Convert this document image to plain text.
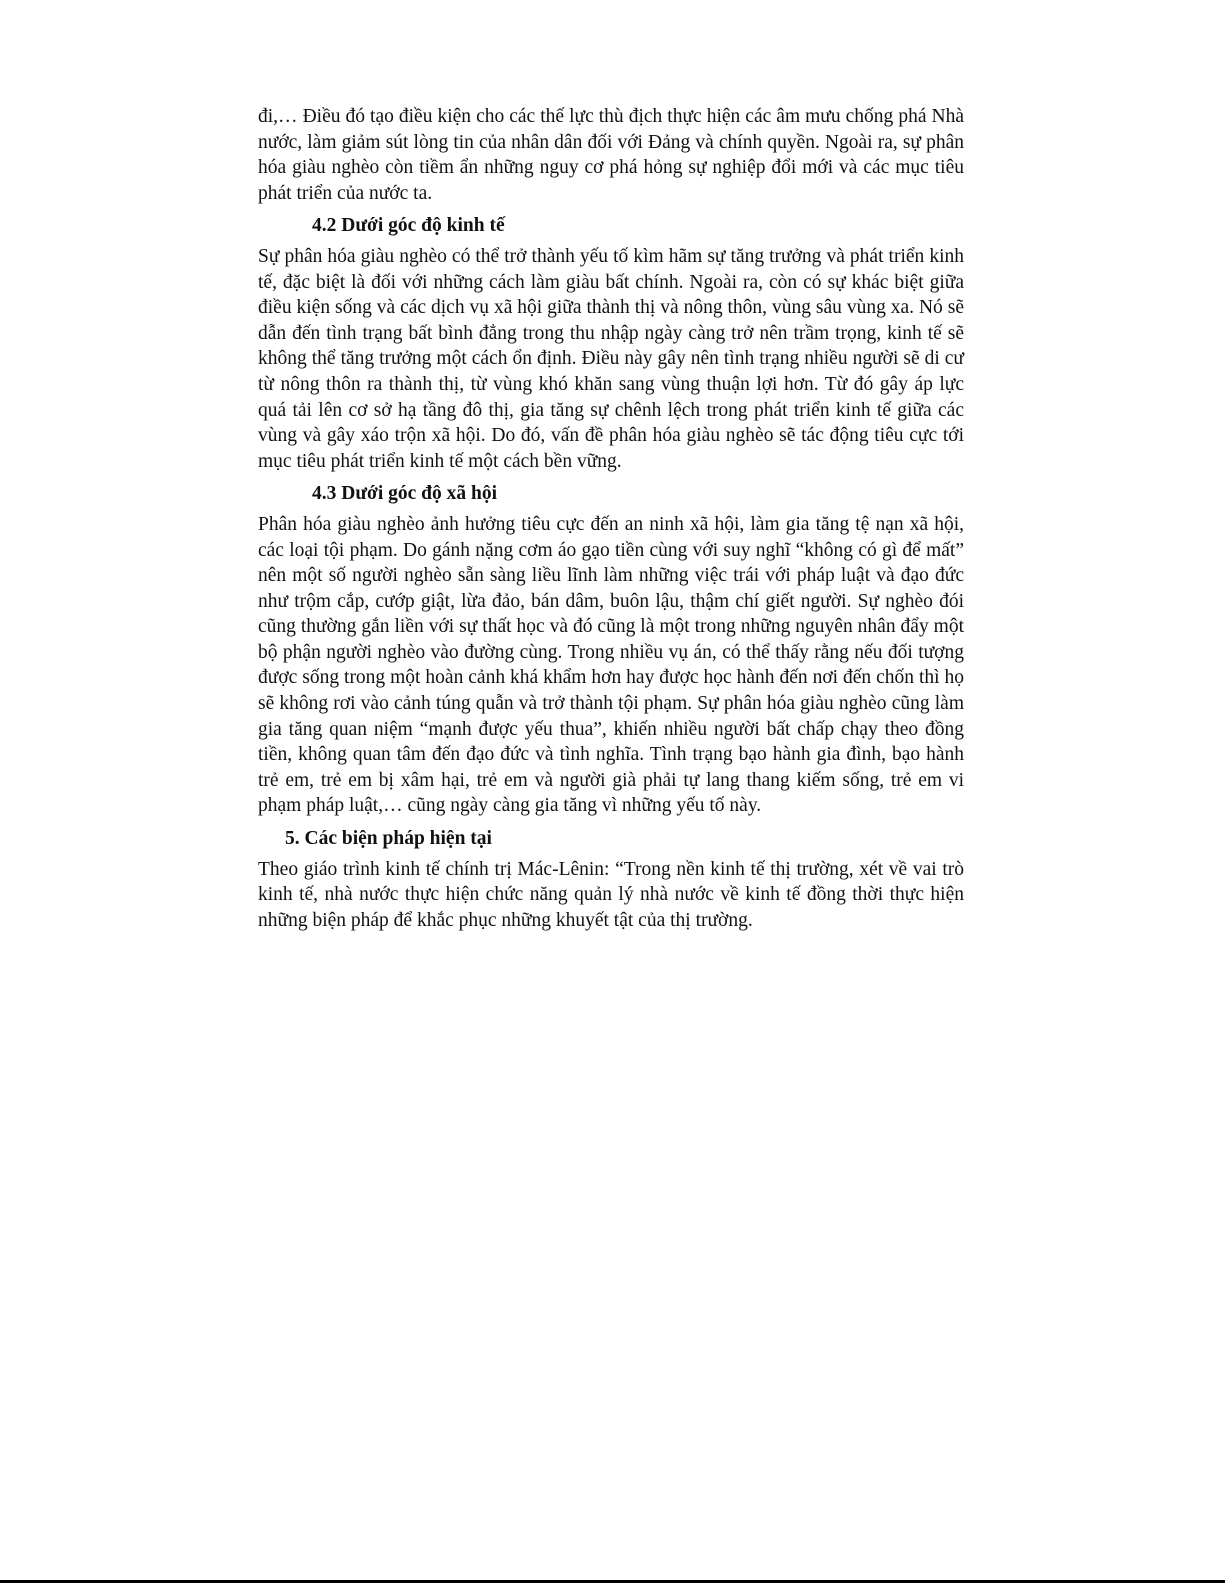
đi,… Điều đó tạo điều kiện cho các thế lực thù địch thực hiện các âm mưu chống phá Nhà nước, làm giảm sút lòng tin của nhân dân đối với Đảng và chính quyền. Ngoài ra, sự phân hóa giàu nghèo còn tiềm ẩn những nguy cơ phá hỏng sự nghiệp đổi mới và các mục tiêu phát triển của nước ta.

4.2 Dưới góc độ kinh tế

Sự phân hóa giàu nghèo có thể trở thành yếu tố kìm hãm sự tăng trưởng và phát triển kinh tế, đặc biệt là đối với những cách làm giàu bất chính. Ngoài ra, còn có sự khác biệt giữa điều kiện sống và các dịch vụ xã hội giữa thành thị và nông thôn, vùng sâu vùng xa. Nó sẽ dẫn đến tình trạng bất bình đẳng trong thu nhập ngày càng trở nên trầm trọng, kinh tế sẽ không thể tăng trưởng một cách ổn định. Điều này gây nên tình trạng nhiều người sẽ di cư từ nông thôn ra thành thị, từ vùng khó khăn sang vùng thuận lợi hơn. Từ đó gây áp lực quá tải lên cơ sở hạ tầng đô thị, gia tăng sự chênh lệch trong phát triển kinh tế giữa các vùng và gây xáo trộn xã hội. Do đó, vấn đề phân hóa giàu nghèo sẽ tác động tiêu cực tới mục tiêu phát triển kinh tế một cách bền vững.

4.3 Dưới góc độ xã hội

Phân hóa giàu nghèo ảnh hưởng tiêu cực đến an ninh xã hội, làm gia tăng tệ nạn xã hội, các loại tội phạm. Do gánh nặng cơm áo gạo tiền cùng với suy nghĩ “không có gì để mất” nên một số người nghèo sẵn sàng liều lĩnh làm những việc trái với pháp luật và đạo đức như trộm cắp, cướp giật, lừa đảo, bán dâm, buôn lậu, thậm chí giết người. Sự nghèo đói cũng thường gắn liền với sự thất học và đó cũng là một trong những nguyên nhân đẩy một bộ phận người nghèo vào đường cùng. Trong nhiều vụ án, có thể thấy rằng nếu đối tượng được sống trong một hoàn cảnh khá khẩm hơn hay được học hành đến nơi đến chốn thì họ sẽ không rơi vào cảnh túng quẫn và trở thành tội phạm. Sự phân hóa giàu nghèo cũng làm gia tăng quan niệm “mạnh được yếu thua”, khiến nhiều người bất chấp chạy theo đồng tiền, không quan tâm đến đạo đức và tình nghĩa. Tình trạng bạo hành gia đình, bạo hành trẻ em, trẻ em bị xâm hại, trẻ em và người già phải tự lang thang kiếm sống, trẻ em vi phạm pháp luật,… cũng ngày càng gia tăng vì những yếu tố này.

5. Các biện pháp hiện tại

Theo giáo trình kinh tế chính trị Mác-Lênin: “Trong nền kinh tế thị trường, xét về vai trò kinh tế, nhà nước thực hiện chức năng quản lý nhà nước về kinh tế đồng thời thực hiện những biện pháp để khắc phục những khuyết tật của thị trường.
